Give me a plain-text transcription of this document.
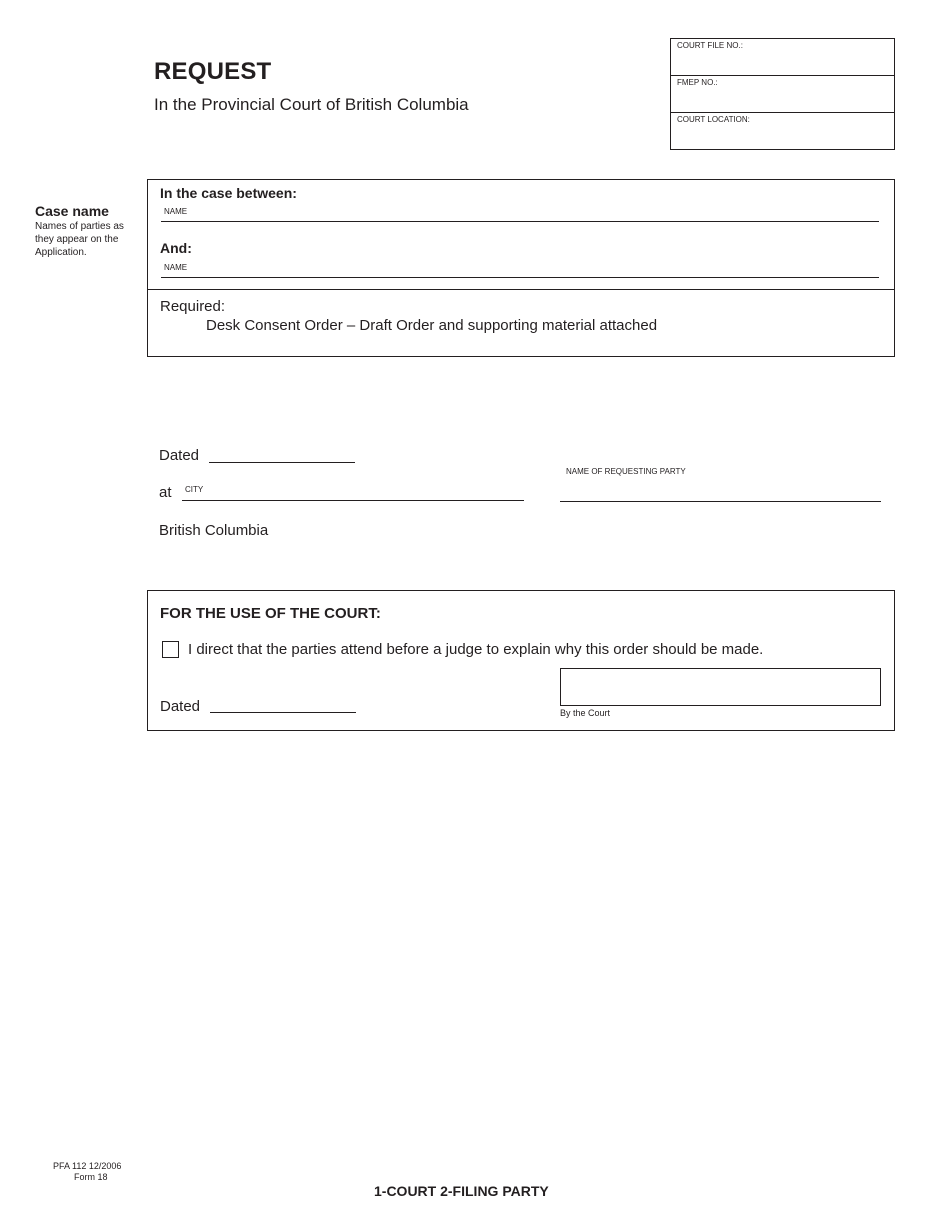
REQUEST
In the Provincial Court of British Columbia
COURT FILE NO.:
FMEP NO.:
COURT LOCATION:
Case name
Names of parties as they appear on the Application.
In the case between:
NAME
And:
NAME
Required:
Desk Consent Order – Draft Order and supporting material attached
Dated
at CITY
British Columbia
NAME OF REQUESTING PARTY
FOR THE USE OF THE COURT:
I direct that the parties attend before a judge to explain why this order should be made.
Dated	By the Court
PFA 112 12/2006
Form 18
1-COURT 2-FILING PARTY
